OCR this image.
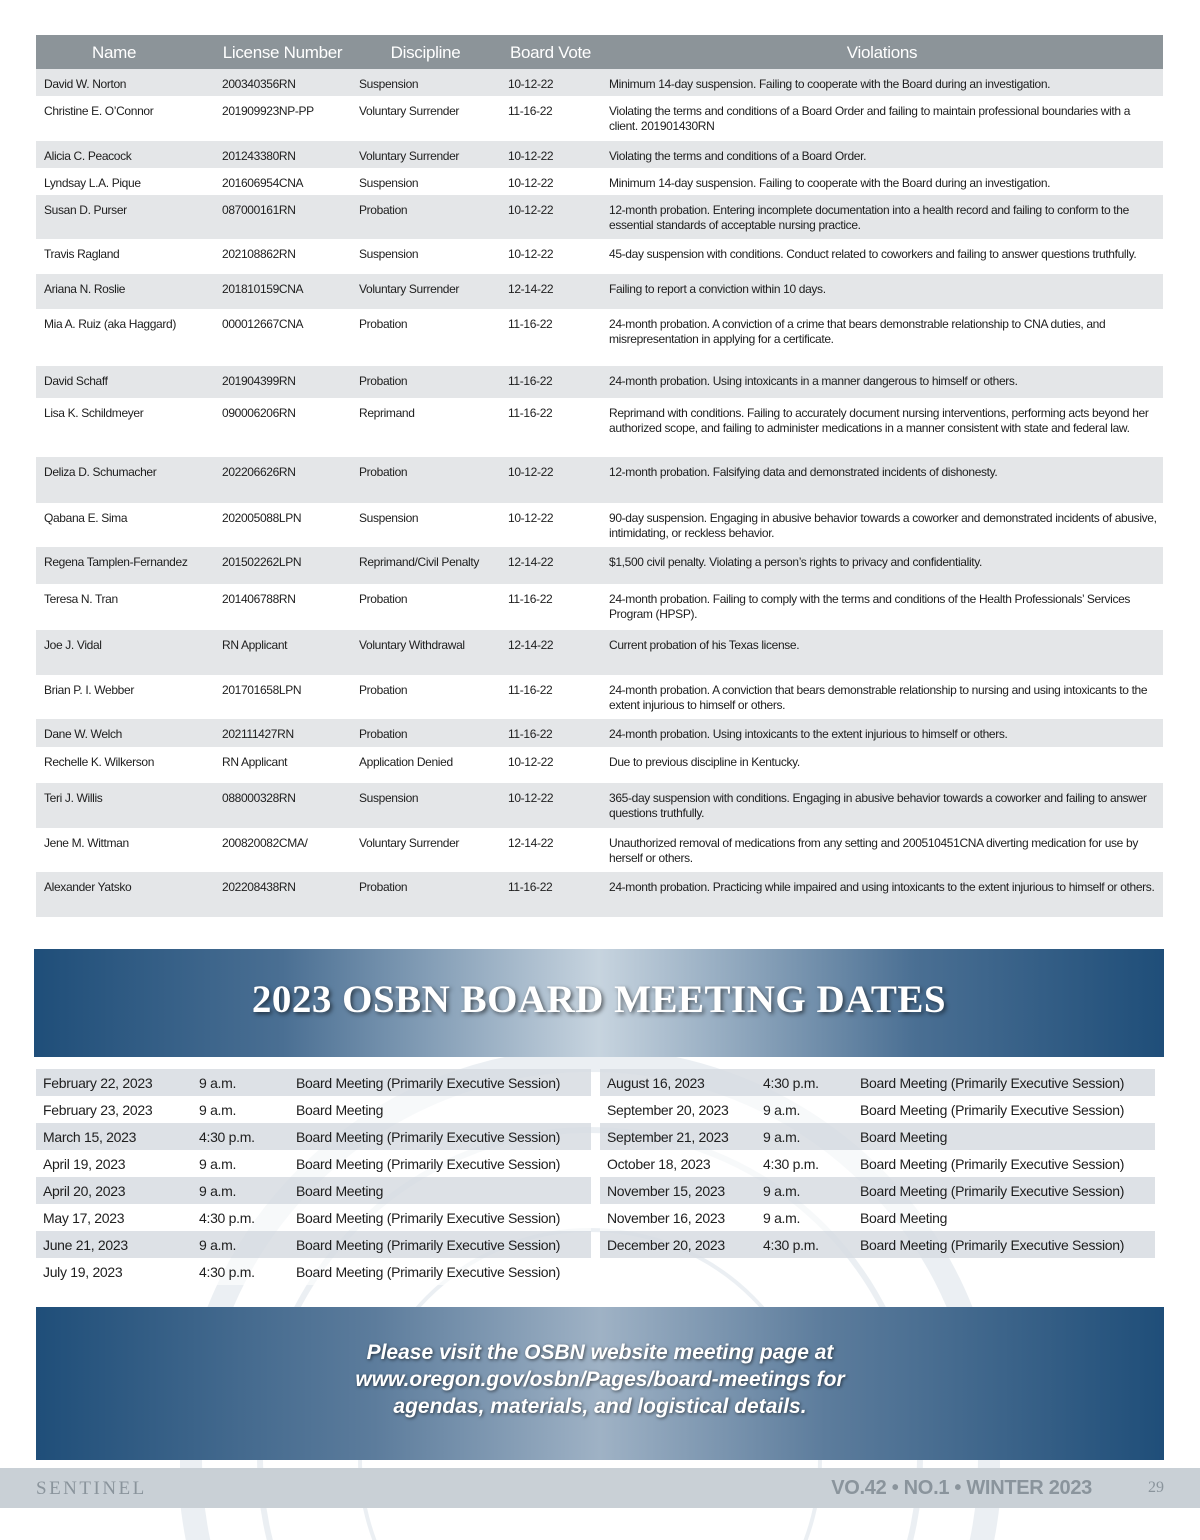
Name	License Number	Discipline	Board Vote	Violations
David W. Norton	200340356RN	Suspension	10-12-22	Minimum 14-day suspension. Failing to cooperate with the Board during an investigation.
Christine E. O’Connor	201909923NP-PP	Voluntary Surrender	11-16-22	Violating the terms and conditions of a Board Order and failing to maintain professional boundaries with a client. 201901430RN
Alicia C. Peacock	201243380RN	Voluntary Surrender	10-12-22	Violating the terms and conditions of a Board Order.
Lyndsay L.A. Pique	201606954CNA	Suspension	10-12-22	Minimum 14-day suspension. Failing to cooperate with the Board during an investigation.
Susan D. Purser	087000161RN	Probation	10-12-22	12-month probation. Entering incomplete documentation into a health record and failing to conform to the essential standards of acceptable nursing practice.
Travis Ragland	202108862RN	Suspension	10-12-22	45-day suspension with conditions. Conduct related to coworkers and failing to answer questions truthfully.
Ariana N. Roslie	201810159CNA	Voluntary Surrender	12-14-22	Failing to report a conviction within 10 days.
Mia A. Ruiz (aka Haggard)	000012667CNA	Probation	11-16-22	24-month probation. A conviction of a crime that bears demonstrable relationship to CNA duties, and misrepresentation in applying for a certificate.
David Schaff	201904399RN	Probation	11-16-22	24-month probation. Using intoxicants in a manner dangerous to himself or others.
Lisa K. Schildmeyer	090006206RN	Reprimand	11-16-22	Reprimand with conditions. Failing to accurately document nursing interventions, performing acts beyond her authorized scope, and failing to administer medications in a manner consistent with state and federal law.
Deliza D. Schumacher	202206626RN	Probation	10-12-22	12-month probation. Falsifying data and demonstrated incidents of dishonesty.
Qabana E. Sima	202005088LPN	Suspension	10-12-22	90-day suspension. Engaging in abusive behavior towards a coworker and demonstrated incidents of abusive, intimidating, or reckless behavior.
Regena Tamplen-Fernandez	201502262LPN	Reprimand/Civil Penalty	12-14-22	$1,500 civil penalty. Violating a person’s rights to privacy and confidentiality.
Teresa N. Tran	201406788RN	Probation	11-16-22	24-month probation. Failing to comply with the terms and conditions of the Health Professionals’ Services Program (HPSP).
Joe J. Vidal	RN Applicant	Voluntary Withdrawal	12-14-22	Current probation of his Texas license.
Brian P. I. Webber	201701658LPN	Probation	11-16-22	24-month probation. A conviction that bears demonstrable relationship to nursing and using intoxicants to the extent injurious to himself or others.
Dane W. Welch	202111427RN	Probation	11-16-22	24-month probation. Using intoxicants to the extent injurious to himself or others.
Rechelle K. Wilkerson	RN Applicant	Application Denied	10-12-22	Due to previous discipline in Kentucky.
Teri J. Willis	088000328RN	Suspension	10-12-22	365-day suspension with conditions. Engaging in abusive behavior towards a coworker and failing to answer questions truthfully.
Jene M. Wittman	200820082CMA/	Voluntary Surrender	12-14-22	Unauthorized removal of medications from any setting and 200510451CNA diverting medication for use by herself or others.
Alexander Yatsko	202208438RN	Probation	11-16-22	24-month probation. Practicing while impaired and using intoxicants to the extent injurious to himself or others.
2023 OSBN BOARD MEETING DATES
February 22, 2023	9 a.m.	Board Meeting (Primarily Executive Session)
February 23, 2023	9 a.m.	Board Meeting
March 15, 2023	4:30 p.m.	Board Meeting (Primarily Executive Session)
April 19, 2023	9 a.m.	Board Meeting (Primarily Executive Session)
April 20, 2023	9 a.m.	Board Meeting
May 17, 2023	4:30 p.m.	Board Meeting (Primarily Executive Session)
June 21, 2023	9 a.m.	Board Meeting (Primarily Executive Session)
July 19, 2023	4:30 p.m.	Board Meeting (Primarily Executive Session)
August 16, 2023	4:30 p.m.	Board Meeting (Primarily Executive Session)
September 20, 2023	9 a.m.	Board Meeting (Primarily Executive Session)
September 21, 2023	9 a.m.	Board Meeting
October 18, 2023	4:30 p.m.	Board Meeting (Primarily Executive Session)
November 15, 2023	9 a.m.	Board Meeting (Primarily Executive Session)
November 16, 2023	9 a.m.	Board Meeting
December 20, 2023	4:30 p.m.	Board Meeting (Primarily Executive Session)
Please visit the OSBN website meeting page at
www.oregon.gov/osbn/Pages/board-meetings for
agendas, materials, and logistical details.
SENTINEL	VO.42 • NO.1 • WINTER 2023	29
